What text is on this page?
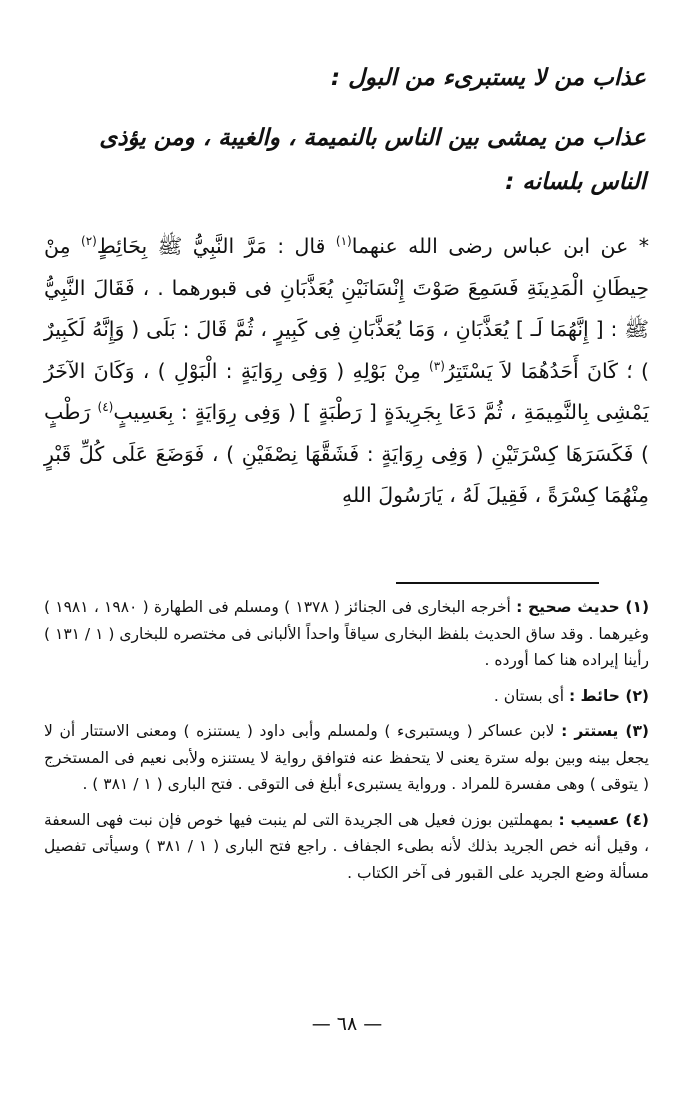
عذاب من لا يستبرىء من البول :
عذاب من يمشى بين الناس بالنميمة ، والغيبة ، ومن يؤذى الناس بلسانه :

* عن ابن عباس رضى الله عنهما$^{(١)}$ قال : مَرَّ النَّبِيُّ ﷺ بِحَائِطٍ$^{(٢)}$ مِنْ حِيطَانِ الْمَدِينَةِ فَسَمِعَ صَوْتَ إِنْسَانَيْنِ يُعَذَّبَانِ فى قبورهما . ، فَقَالَ النَّبِيُّ ﷺ : [ إِنَّهُمَا لَـ ] يُعَذَّبَانِ ، وَمَا يُعَذَّبَانِ فِى كَبِيرٍ ، ثُمَّ قَالَ : بَلَى ( وَإِنَّهُ لَكَبِيرٌ ) ؛ كَانَ أَحَدُهُمَا لاَ يَسْتَتِرُ$^{(٣)}$ مِنْ بَوْلِهِ ( وَفِى رِوَايَةٍ : الْبَوْلِ ) ، وَكَانَ الآخَرُ يَمْشِى بِالنَّمِيمَةِ ، ثُمَّ دَعَا بِجَرِيدَةٍ [ رَطْبَةٍ ] ( وَفِى رِوَايَةٍ : بِعَسِيبٍ$^{(٤)}$ رَطْبٍ ) فَكَسَرَهَا كِسْرَتَيْنِ ( وَفِى رِوَايَةٍ : فَشَقَّهَا نِصْفَيْنِ ) ، فَوَضَعَ عَلَى كُلِّ قَبْرٍ مِنْهُمَا كِسْرَةً ، فَقِيلَ لَهُ ، يَارَسُولَ اللهِ

(١) حديث صحيح : أخرجه البخارى فى الجنائز ( ١٣٧٨ ) ومسلم فى الطهارة ( ١٩٨٠ ، ١٩٨١ ) وغيرهما . وقد ساق الحديث بلفظ البخارى سياقاً واحداً الألبانى فى مختصره للبخارى ( ١ / ١٣١ ) رأينا إيراده هنا كما أورده .

(٢) حائط : أى بستان .

(٣) يستتر : لابن عساكر ( ويستبرىء ) ولمسلم وأبى داود ( يستنزه ) ومعنى الاستتار أن لا يجعل بينه وبين بوله سترة يعنى لا يتحفظ عنه فتوافق رواية لا يستنزه ولأبى نعيم فى المستخرج ( يتوقى ) وهى مفسرة للمراد . ورواية يستبرىء أبلغ فى التوقى . فتح البارى ( ١ / ٣٨١ ) .

(٤) عسيب : بمهملتين بوزن فعيل هى الجريدة التى لم ينبت فيها خوص فإن نبت فهى السعفة ، وقيل أنه خص الجريد بذلك لأنه بطىء الجفاف . راجع فتح البارى ( ١ / ٣٨١ ) وسيأتى تفصيل مسألة وضع الجريد على القبور فى آخر الكتاب .

— ٦٨ —
